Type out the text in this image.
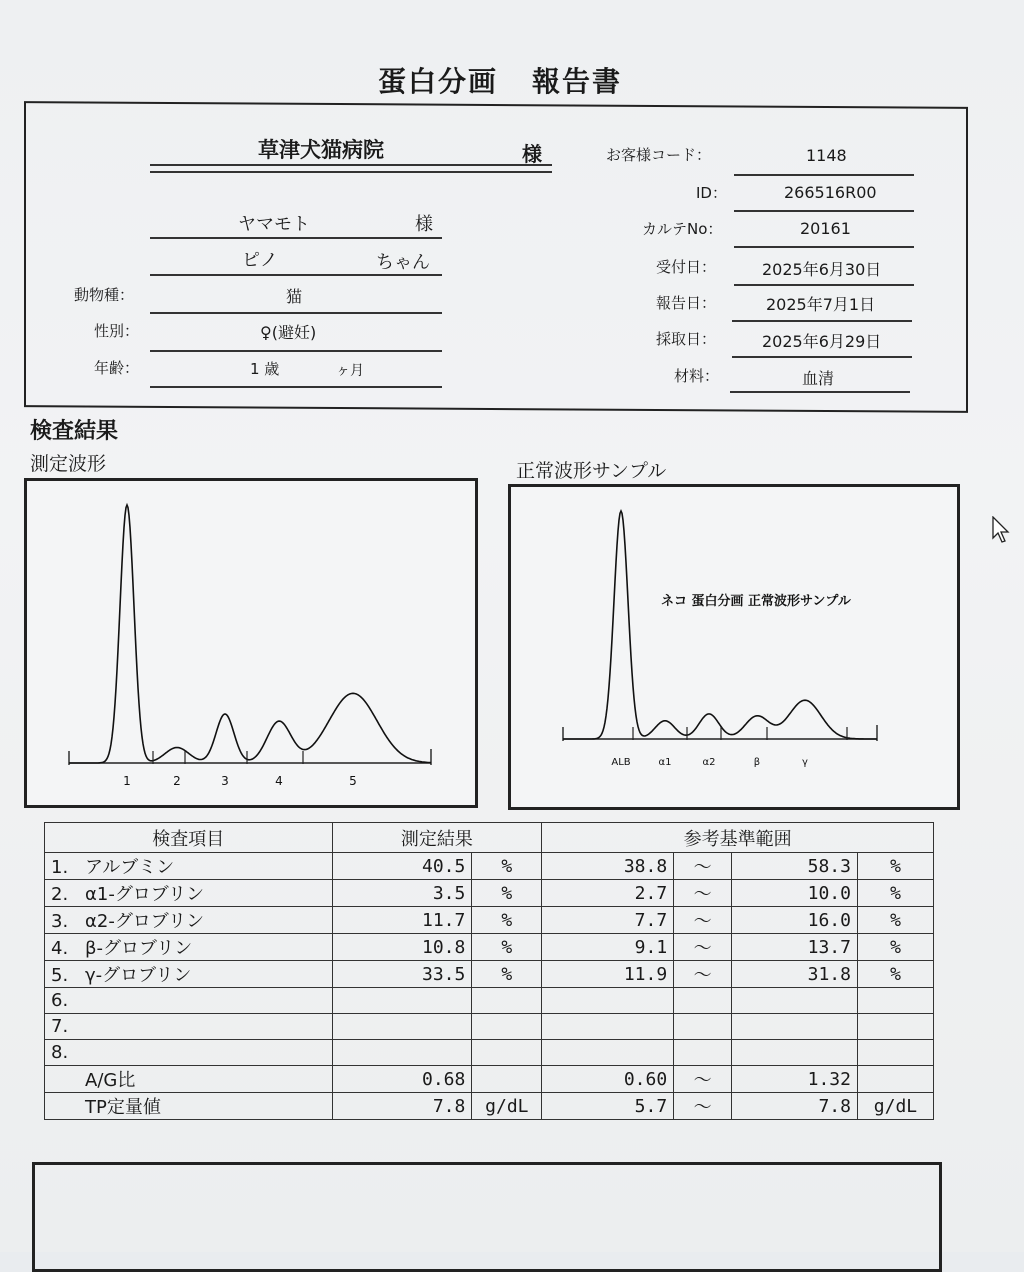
蛋白分画 報告書
草津犬猫病院	様
ヤマモト	様
ピノ	ちゃん
動物種：	猫
性別：	♀(避妊)
年齢：	1 歳	ヶ月
お客様コード：	1148
ID：	266516R00
カルテNo：	20161
受付日：	2025年6月30日
報告日：	2025年7月1日
採取日：	2025年6月29日
材料：	血清
検査結果
測定波形	正常波形サンプル
1	2	3	4	5
ALB	α1	α2	β	γ
ネコ 蛋白分画 正常波形サンプル
検査項目	測定結果		参考基準範囲			
1. アルブミン	40.5	%	38.8	～	58.3	%
2. α1-グロブリン	3.5	%	2.7	～	10.0	%
3. α2-グロブリン	11.7	%	7.7	～	16.0	%
4. β-グロブリン	10.8	%	9.1	～	13.7	%
5. γ-グロブリン	33.5	%	11.9	～	31.8	%
6.						
7.						
8.						
A/G比	0.68		0.60	～	1.32	
TP定量値	7.8	g/dL	5.7	～	7.8	g/dL
